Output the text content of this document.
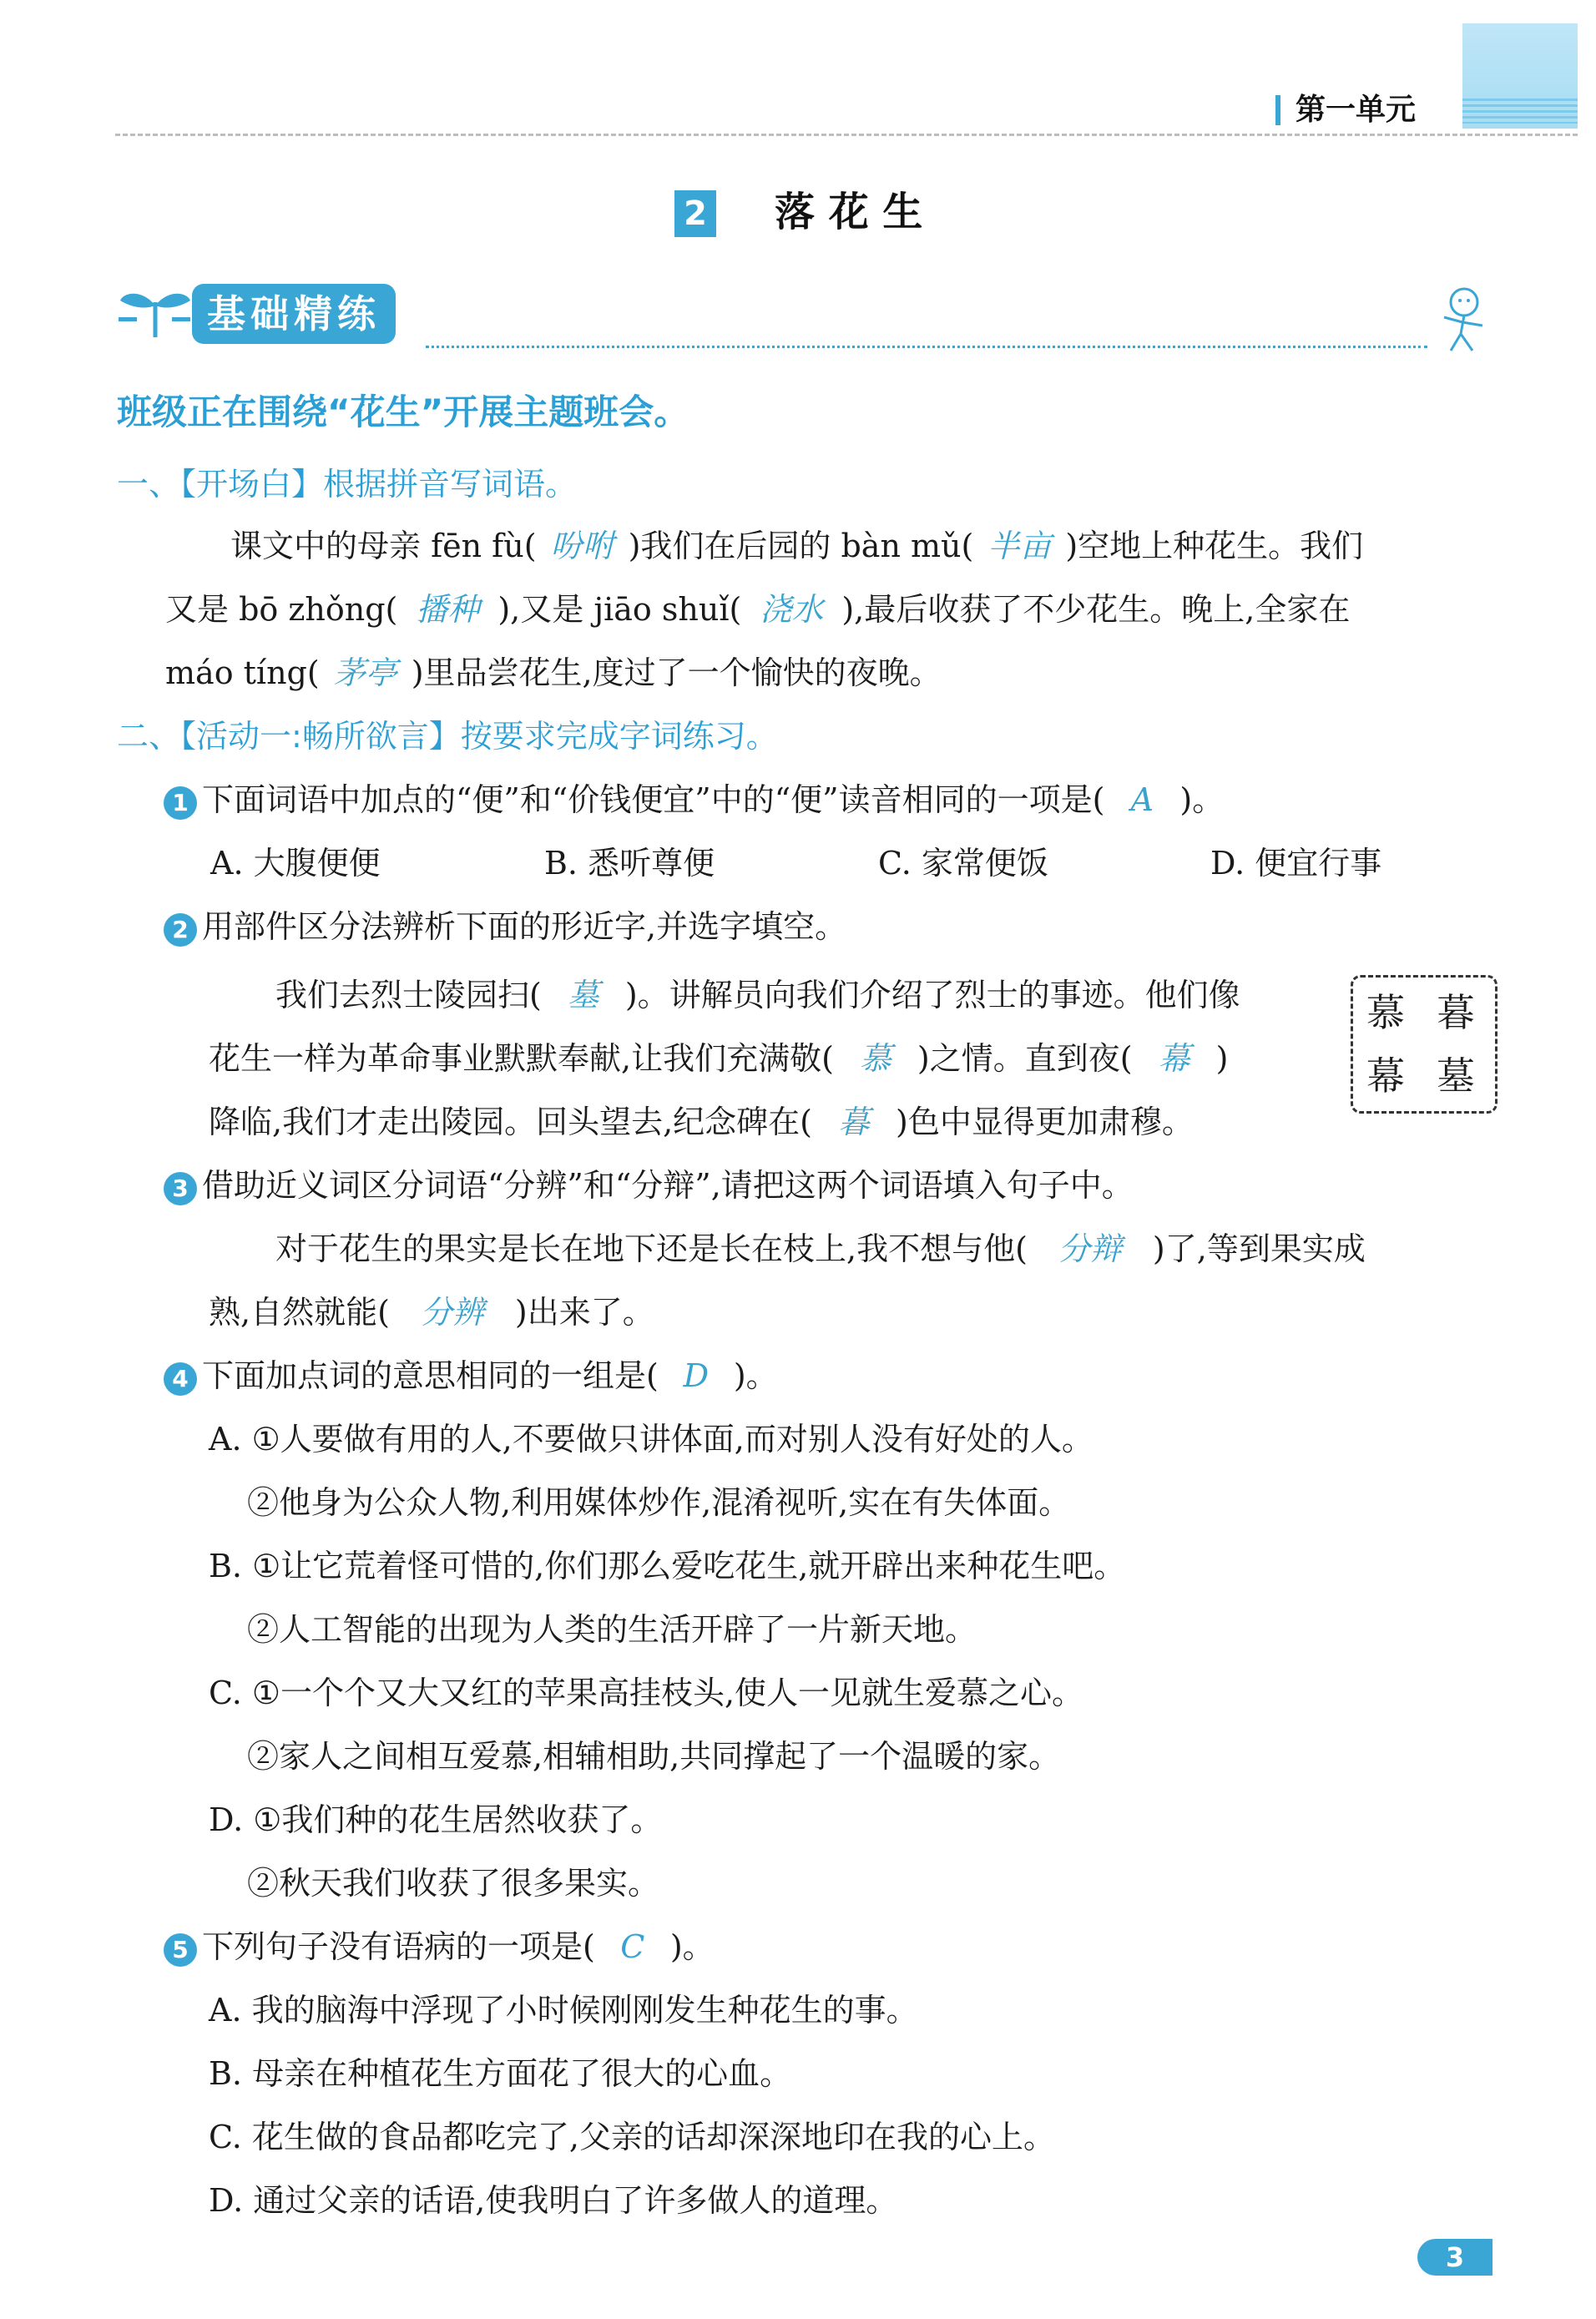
第一单元
2 落 花 生
基础精练
班级正在围绕“花生”开展主题班会。
一、【开场白】根据拼音写词语。
课文中的母亲 fēn fù( 吩咐 )我们在后园的 bàn mǔ( 半亩 )空地上种花生。我们
又是 bō zhǒng( 播种 ),又是 jiāo shuǐ( 浇水 ),最后收获了不少花生。晚上,全家在
máo tíng( 茅亭 )里品尝花生,度过了一个愉快的夜晚。
二、【活动一:畅所欲言】按要求完成字词练习。
1 下面词语中加点的“便”和“价钱便宜”中的“便”读音相同的一项是( A )。
A. 大腹便便	B. 悉听尊便	C. 家常便饭	D. 便宜行事
2 用部件区分法辨析下面的形近字,并选字填空。
我们去烈士陵园扫( 墓 )。讲解员向我们介绍了烈士的事迹。他们像
花生一样为革命事业默默奉献,让我们充满敬( 慕 )之情。直到夜( 幕 )
降临,我们才走出陵园。回头望去,纪念碑在( 暮 )色中显得更加肃穆。
慕 暮
幕 墓
3 借助近义词区分词语“分辨”和“分辩”,请把这两个词语填入句子中。
对于花生的果实是长在地下还是长在枝上,我不想与他( 分辩 )了,等到果实成
熟,自然就能( 分辨 )出来了。
4 下面加点词的意思相同的一组是( D )。
A. ①人要做有用的人,不要做只讲体面,而对别人没有好处的人。
②他身为公众人物,利用媒体炒作,混淆视听,实在有失体面。
B. ①让它荒着怪可惜的,你们那么爱吃花生,就开辟出来种花生吧。
②人工智能的出现为人类的生活开辟了一片新天地。
C. ①一个个又大又红的苹果高挂枝头,使人一见就生爱慕之心。
②家人之间相互爱慕,相辅相助,共同撑起了一个温暖的家。
D. ①我们种的花生居然收获了。
②秋天我们收获了很多果实。
5 下列句子没有语病的一项是( C )。
A. 我的脑海中浮现了小时候刚刚发生种花生的事。
B. 母亲在种植花生方面花了很大的心血。
C. 花生做的食品都吃完了,父亲的话却深深地印在我的心上。
D. 通过父亲的话语,使我明白了许多做人的道理。
3
